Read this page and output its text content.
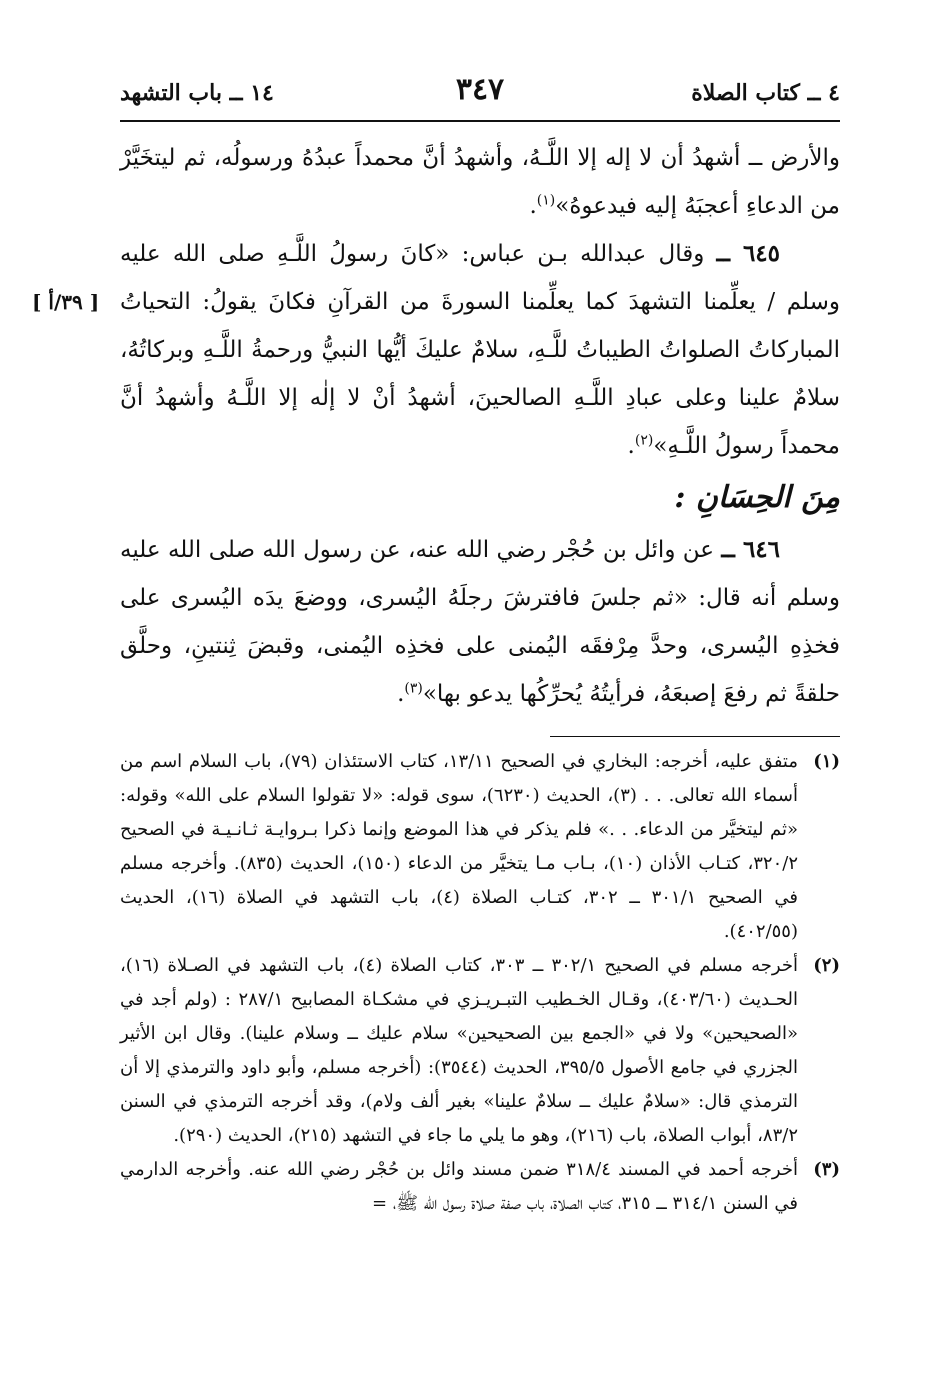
٤ ــ كتاب الصلاة
٣٤٧
١٤ ــ باب التشهد

والأرض ــ أشهدُ أن لا إله إلا اللَّـهُ، وأشهدُ أنَّ محمداً عبدُهُ ورسولُه، ثم ليتخَيَّرْ من الدعاءِ أعجبَهُ إليه فيدعوهُ»$^{(١)}$.

٦٤٥ ــ وقال عبدالله بـن عباس: «كانَ رسولُ اللَّـهِ صلى الله عليه وسلم / يعلِّمنا التشهدَ كما يعلِّمنا السورةَ من القرآنِ فكانَ يقولُ: التحياتُ المباركاتُ الصلواتُ الطيباتُ للَّـهِ، سلامٌ عليكَ أيُّها النبيُّ ورحمةُ اللَّـهِ وبركاتُهُ، سلامٌ علينا وعلى عبادِ اللَّـهِ الصالحينَ، أشهدُ أنْ لا إلٰه إلا اللَّـهُ وأشهدُ أنَّ محمداً رسولُ اللَّـهِ»$^{(٢)}$.
[ ٣٩/أ ]

مِنَ الحِسَانِ :

٦٤٦ ــ عن وائل بن حُجْر رضي الله عنه، عن رسول الله صلى الله عليه وسلم أنه قال: «ثم جلسَ فافترشَ رجلَهُ اليُسرى، ووضعَ يدَه اليُسرى على فخذِهِ اليُسرى، وحدَّ مِرْفقَه اليُمنى على فخذِه اليُمنى، وقبضَ ثِنتينِ، وحلَّق حلقةً ثم رفعَ إصبعَهُ، فرأيتُهُ يُحرِّكُها يدعو بها»$^{(٣)}$.

(١)
متفق عليه، أخرجه: البخاري في الصحيح ١٣/١١، كتاب الاستئذان (٧٩)، باب السلام اسم من أسماء الله تعالى. . . (٣)، الحديث (٦٢٣٠)، سوى قوله: «لا تقولوا السلام على الله» وقوله: «ثم ليتخيَّر من الدعاء. . .» فلم يذكر في هذا الموضع وإنما ذكرا بـروايـة ثـانـيـة في الصحيح ٣٢٠/٢، كتـاب الأذان (١٠)، بـاب مـا يتخيَّر من الدعاء (١٥٠)، الحديث (٨٣٥). وأخرجه مسلم في الصحيح ٣٠١/١ ــ ٣٠٢، كتـاب الصلاة (٤)، باب التشهد في الصلاة (١٦)، الحديث (٤٠٢/٥٥).
(٢)
أخرجه مسلم في الصحيح ٣٠٢/١ ــ ٣٠٣، كتاب الصلاة (٤)، باب التشهد في الصـلاة (١٦)، الحـديث (٤٠٣/٦٠)، وقـال الخـطيب التبـريـزي في مشكـاة المصابيح ٢٨٧/١ : (ولم أجد في «الصحيحين» ولا في «الجمع بين الصحيحين» سلام عليك ــ وسلام علينا). وقال ابن الأثير الجزري في جامع الأصول ٣٩٥/٥، الحديث (٣٥٤٤): (أخرجه مسلم، وأبو داود والترمذي إلا أن الترمذي قال: «سلامٌ عليك ــ سلامٌ علينا» بغير ألف ولام)، وقد أخرجه الترمذي في السنن ٨٣/٢، أبواب الصلاة، باب (٢١٦)، وهو ما يلي ما جاء في التشهد (٢١٥)، الحديث (٢٩٠).
(٣)
أخرجه أحمد في المسند ٣١٨/٤ ضمن مسند وائل بن حُجْر رضي الله عنه. وأخرجه الدارمي في السنن ٣١٤/١ ــ ٣١٥، كتاب الصلاة، باب صفة صلاة رسول الله ﷺ، =
